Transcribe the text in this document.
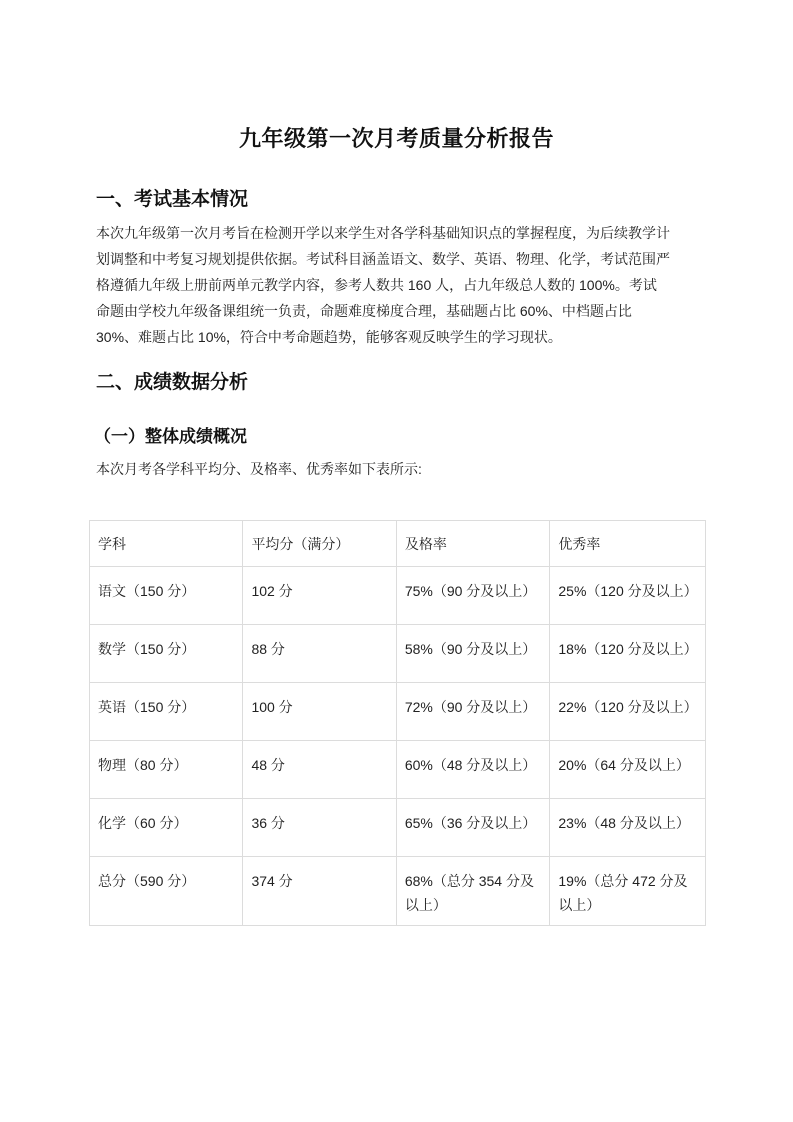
九年级第一次月考质量分析报告
一、考试基本情况
本次九年级第一次月考旨在检测开学以来学生对各学科基础知识点的掌握程度，为后续教学计
划调整和中考复习规划提供依据。考试科目涵盖语文、数学、英语、物理、化学，考试范围严
格遵循九年级上册前两单元教学内容，参考人数共 160 人，占九年级总人数的 100%。考试
命题由学校九年级备课组统一负责，命题难度梯度合理，基础题占比 60%、中档题占比
30%、难题占比 10%，符合中考命题趋势，能够客观反映学生的学习现状。
二、成绩数据分析
（一）整体成绩概况
本次月考各学科平均分、及格率、优秀率如下表所示:
学科	平均分（满分）	及格率	优秀率
语文（150 分）	102 分	75%（90 分及以上）	25%（120 分及以上）
数学（150 分）	88 分	58%（90 分及以上）	18%（120 分及以上）
英语（150 分）	100 分	72%（90 分及以上）	22%（120 分及以上）
物理（80 分）	48 分	60%（48 分及以上）	20%（64 分及以上）
化学（60 分）	36 分	65%（36 分及以上）	23%（48 分及以上）
总分（590 分）	374 分	68%（总分 354 分及以上）	19%（总分 472 分及以上）
